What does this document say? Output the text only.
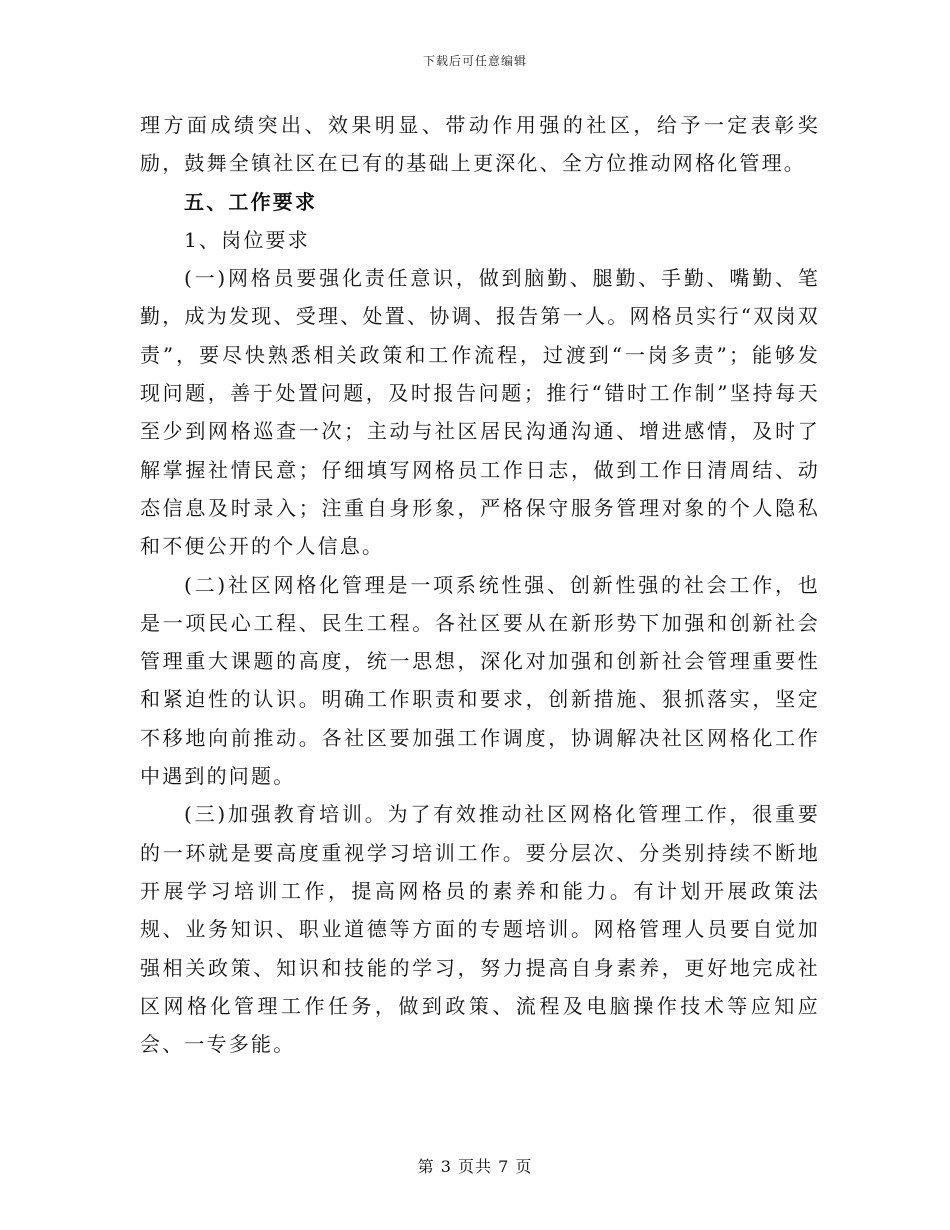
下载后可任意编辑

理方面成绩突出、效果明显、带动作用强的社区，给予一定表彰奖励，鼓舞全镇社区在已有的基础上更深化、全方位推动网格化管理。

五、工作要求

1、岗位要求

(一)网格员要强化责任意识，做到脑勤、腿勤、手勤、嘴勤、笔勤，成为发现、受理、处置、协调、报告第一人。网格员实行“双岗双责”，要尽快熟悉相关政策和工作流程，过渡到“一岗多责”；能够发现问题，善于处置问题，及时报告问题；推行“错时工作制”坚持每天至少到网格巡查一次；主动与社区居民沟通沟通、增进感情，及时了解掌握社情民意；仔细填写网格员工作日志，做到工作日清周结、动态信息及时录入；注重自身形象，严格保守服务管理对象的个人隐私和不便公开的个人信息。

(二)社区网格化管理是一项系统性强、创新性强的社会工作，也是一项民心工程、民生工程。各社区要从在新形势下加强和创新社会管理重大课题的高度，统一思想，深化对加强和创新社会管理重要性和紧迫性的认识。明确工作职责和要求，创新措施、狠抓落实，坚定不移地向前推动。各社区要加强工作调度，协调解决社区网格化工作中遇到的问题。

(三)加强教育培训。为了有效推动社区网格化管理工作，很重要的一环就是要高度重视学习培训工作。要分层次、分类别持续不断地开展学习培训工作，提高网格员的素养和能力。有计划开展政策法规、业务知识、职业道德等方面的专题培训。网格管理人员要自觉加强相关政策、知识和技能的学习，努力提高自身素养，更好地完成社区网格化管理工作任务，做到政策、流程及电脑操作技术等应知应会、一专多能。

第 3 页共 7 页
